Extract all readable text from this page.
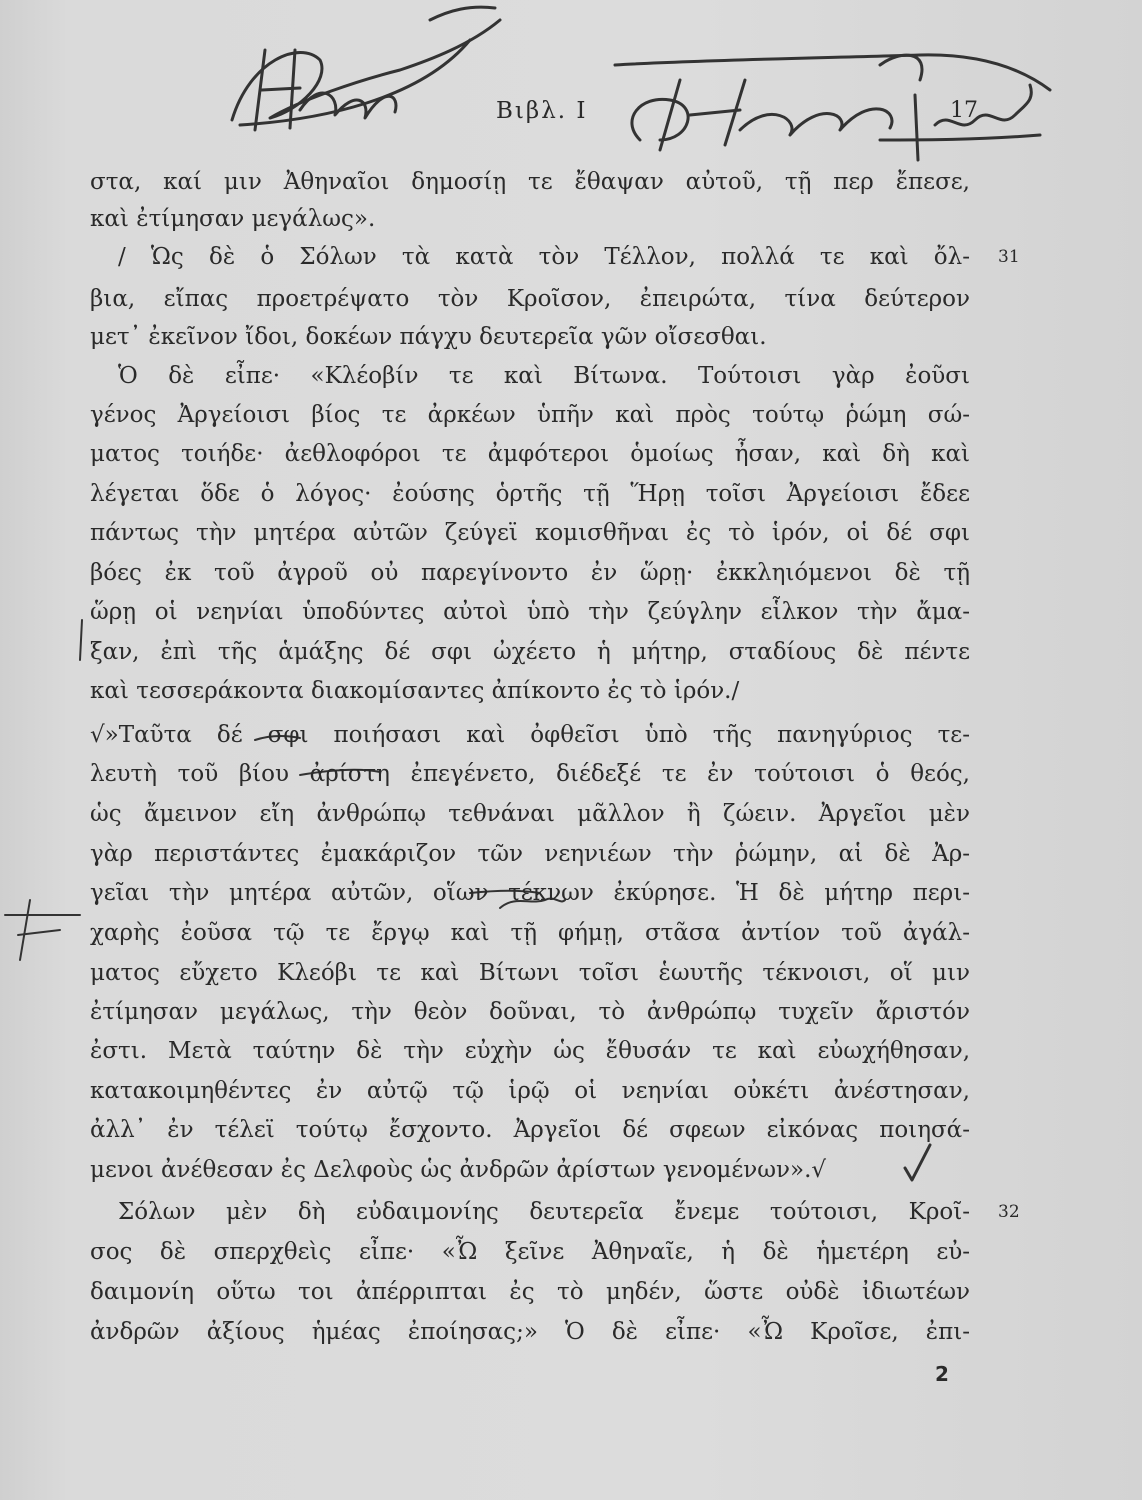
Βιβλ. Ι	17
στα, καί μιν Ἀθηναῖοι δημοσίῃ τε ἔθαψαν αὐτοῦ, τῇ περ ἔπεσε,
καὶ ἐτίμησαν μεγάλως».
/ Ὡς δὲ ὁ Σόλων τὰ κατὰ τὸν Τέλλον, πολλά τε καὶ ὄλ-
βια, εἴπας προετρέψατο τὸν Κροῖσον, ἐπειρώτα, τίνα δεύτερον
μετ᾽ ἐκεῖνον ἴδοι, δοκέων πάγχυ δευτερεῖα γῶν οἴσεσθαι.
Ὁ δὲ εἶπε· «Κλέοβίν τε καὶ Βίτωνα. Τούτοισι γὰρ ἐοῦσι
γένος Ἀργείοισι βίος τε ἀρκέων ὑπῆν καὶ πρὸς τούτῳ ῥώμη σώ-
ματος τοιήδε· ἀεθλοφόροι τε ἀμφότεροι ὁμοίως ἦσαν, καὶ δὴ καὶ
λέγεται ὅδε ὁ λόγος· ἐούσης ὁρτῆς τῇ Ἥρῃ τοῖσι Ἀργείοισι ἔδεε
πάντως τὴν μητέρα αὐτῶν ζεύγεϊ κομισθῆναι ἐς τὸ ἱρόν, οἱ δέ σφι
βόες ἐκ τοῦ ἀγροῦ οὐ παρεγίνοντο ἐν ὥρῃ· ἐκκληιόμενοι δὲ τῇ
ὥρῃ οἱ νεηνίαι ὑποδύντες αὐτοὶ ὑπὸ τὴν ζεύγλην εἷλκον τὴν ἄμα-
ξαν, ἐπὶ τῆς ἁμάξης δέ σφι ὠχέετο ἡ μήτηρ, σταδίους δὲ πέντε
καὶ τεσσεράκοντα διακομίσαντες ἀπίκοντο ἐς τὸ ἱρόν./
√»Ταῦτα δέ σφι ποιήσασι καὶ ὀφθεῖσι ὑπὸ τῆς πανηγύριος τε-
λευτὴ τοῦ βίου ἀρίστη ἐπεγένετο, διέδεξέ τε ἐν τούτοισι ὁ θεός,
ὡς ἄμεινον εἴη ἀνθρώπῳ τεθνάναι μᾶλλον ἢ ζώειν. Ἀργεῖοι μὲν
γὰρ περιστάντες ἐμακάριζον τῶν νεηνιέων τὴν ῥώμην, αἱ δὲ Ἀρ-
γεῖαι τὴν μητέρα αὐτῶν, οἵων τέκνων ἐκύρησε. Ἡ δὲ μήτηρ περι-
χαρὴς ἐοῦσα τῷ τε ἔργῳ καὶ τῇ φήμῃ, στᾶσα ἀντίον τοῦ ἀγάλ-
ματος εὔχετο Κλεόβι τε καὶ Βίτωνι τοῖσι ἑωυτῆς τέκνοισι, οἵ μιν
ἐτίμησαν μεγάλως, τὴν θεὸν δοῦναι, τὸ ἀνθρώπῳ τυχεῖν ἄριστόν
ἐστι. Μετὰ ταύτην δὲ τὴν εὐχὴν ὡς ἔθυσάν τε καὶ εὐωχήθησαν,
κατακοιμηθέντες ἐν αὐτῷ τῷ ἱρῷ οἱ νεηνίαι οὐκέτι ἀνέστησαν,
ἀλλ᾽ ἐν τέλεϊ τούτῳ ἔσχοντο. Ἀργεῖοι δέ σφεων εἰκόνας ποιησά-
μενοι ἀνέθεσαν ἐς Δελφοὺς ὡς ἀνδρῶν ἀρίστων γενομένων».√
Σόλων μὲν δὴ εὐδαιμονίης δευτερεῖα ἔνεμε τούτοισι, Κροῖ-
σος δὲ σπερχθεὶς εἶπε· «Ὦ ξεῖνε Ἀθηναῖε, ἡ δὲ ἡμετέρη εὐ-
δαιμονίη οὕτω τοι ἀπέρριπται ἐς τὸ μηδέν, ὥστε οὐδὲ ἰδιωτέων
ἀνδρῶν ἀξίους ἡμέας ἐποίησας;» Ὁ δὲ εἶπε· «Ὦ Κροῖσε, ἐπι-
31
32
2
